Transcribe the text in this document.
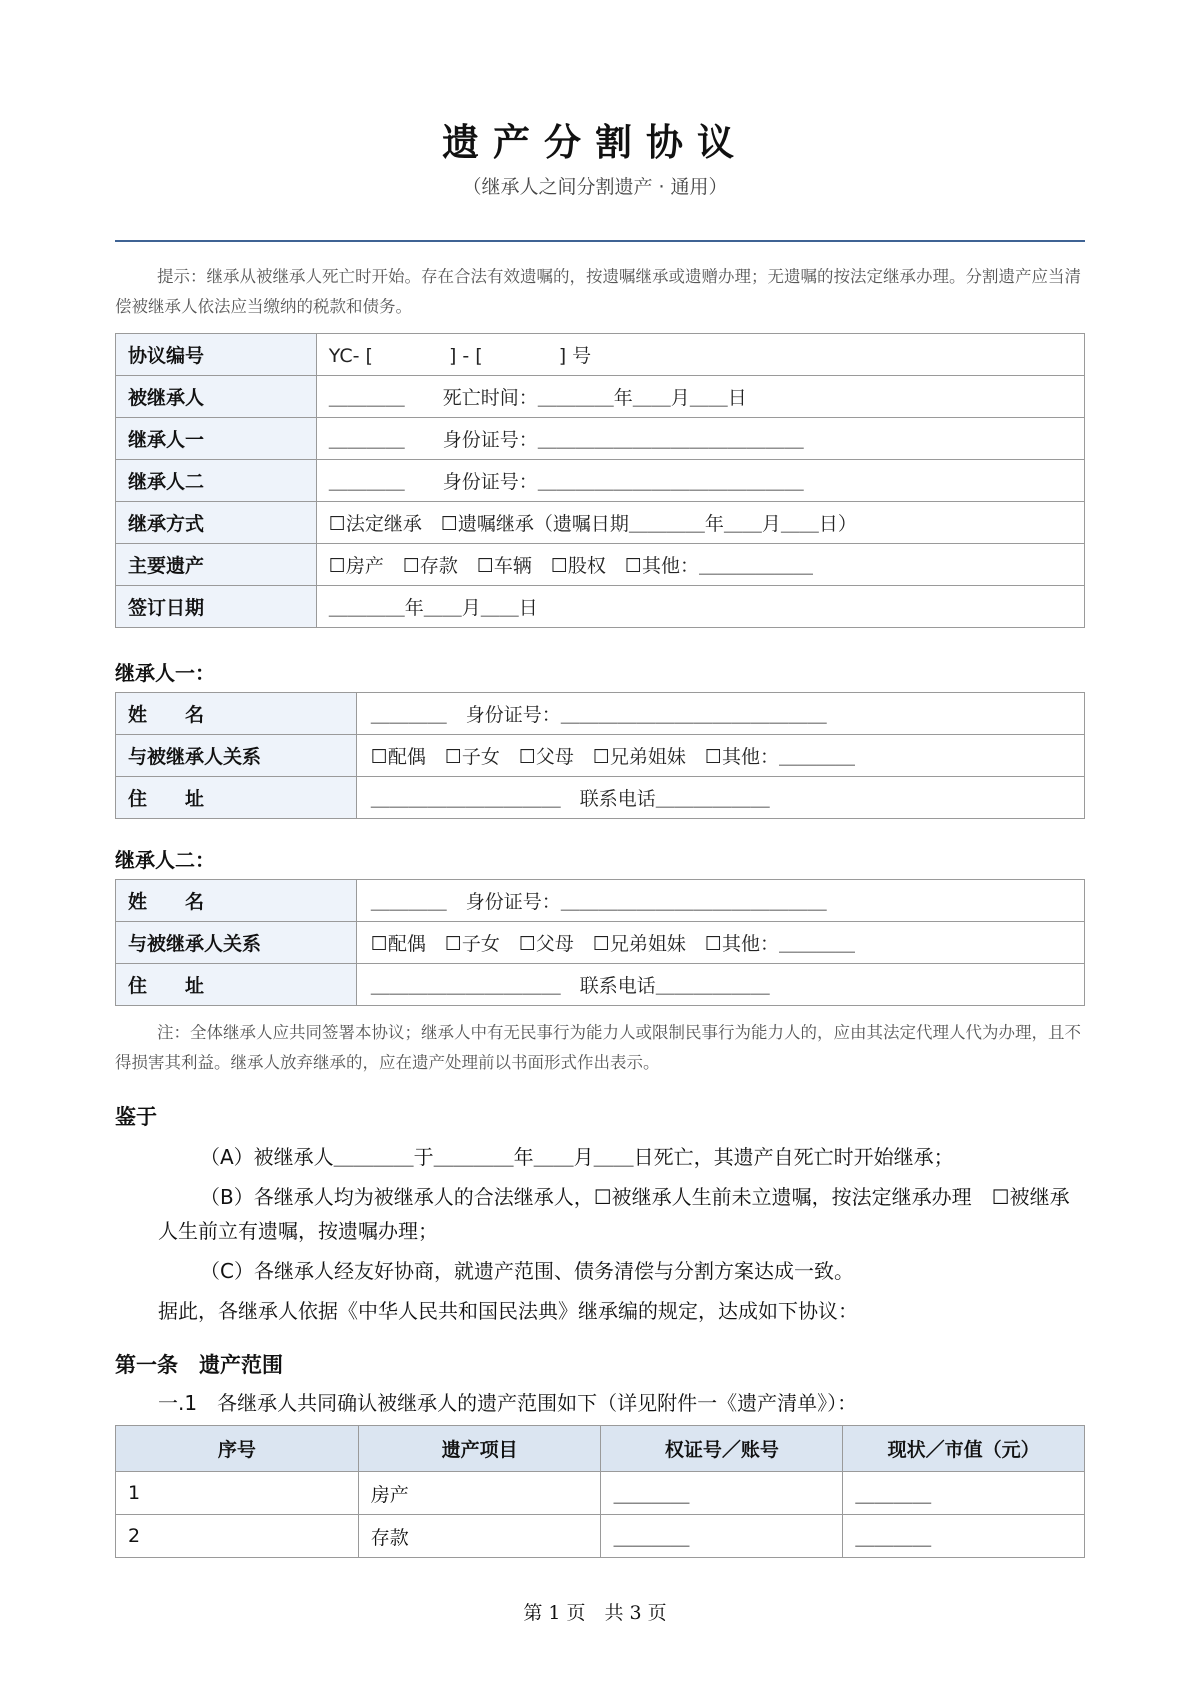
遗产分割协议
（继承人之间分割遗产 · 通用）
提示：继承从被继承人死亡时开始。存在合法有效遗嘱的，按遗嘱继承或遗赠办理；无遗嘱的按法定继承办理。分割遗产应当清偿被继承人依法应当缴纳的税款和债务。
协议编号	YC- [　　　　] - [　　　　] 号
被继承人	＿＿＿＿　　死亡时间：＿＿＿＿年＿＿月＿＿日
继承人一	＿＿＿＿　　身份证号：＿＿＿＿＿＿＿＿＿＿＿＿＿＿
继承人二	＿＿＿＿　　身份证号：＿＿＿＿＿＿＿＿＿＿＿＿＿＿
继承方式	☐法定继承　☐遗嘱继承（遗嘱日期＿＿＿＿年＿＿月＿＿日）
主要遗产	☐房产　☐存款　☐车辆　☐股权　☐其他：＿＿＿＿＿＿
签订日期	＿＿＿＿年＿＿月＿＿日
继承人一：
姓　　名	＿＿＿＿　身份证号：＿＿＿＿＿＿＿＿＿＿＿＿＿＿
与被继承人关系	☐配偶　☐子女　☐父母　☐兄弟姐妹　☐其他：＿＿＿＿
住　　址	＿＿＿＿＿＿＿＿＿＿　联系电话＿＿＿＿＿＿
继承人二：
姓　　名	＿＿＿＿　身份证号：＿＿＿＿＿＿＿＿＿＿＿＿＿＿
与被继承人关系	☐配偶　☐子女　☐父母　☐兄弟姐妹　☐其他：＿＿＿＿
住　　址	＿＿＿＿＿＿＿＿＿＿　联系电话＿＿＿＿＿＿
注：全体继承人应共同签署本协议；继承人中有无民事行为能力人或限制民事行为能力人的，应由其法定代理人代为办理，且不得损害其利益。继承人放弃继承的，应在遗产处理前以书面形式作出表示。
鉴于
（A）被继承人＿＿＿＿于＿＿＿＿年＿＿月＿＿日死亡，其遗产自死亡时开始继承；
（B）各继承人均为被继承人的合法继承人，☐被继承人生前未立遗嘱，按法定继承办理　☐被继承人生前立有遗嘱，按遗嘱办理；
（C）各继承人经友好协商，就遗产范围、债务清偿与分割方案达成一致。
据此，各继承人依据《中华人民共和国民法典》继承编的规定，达成如下协议：
第一条　遗产范围
一.1　各继承人共同确认被继承人的遗产范围如下（详见附件一《遗产清单》）：
序号	遗产项目	权证号／账号	现状／市值（元）
1	房产	＿＿＿＿	＿＿＿＿
2	存款	＿＿＿＿	＿＿＿＿
第 1 页　共 3 页
